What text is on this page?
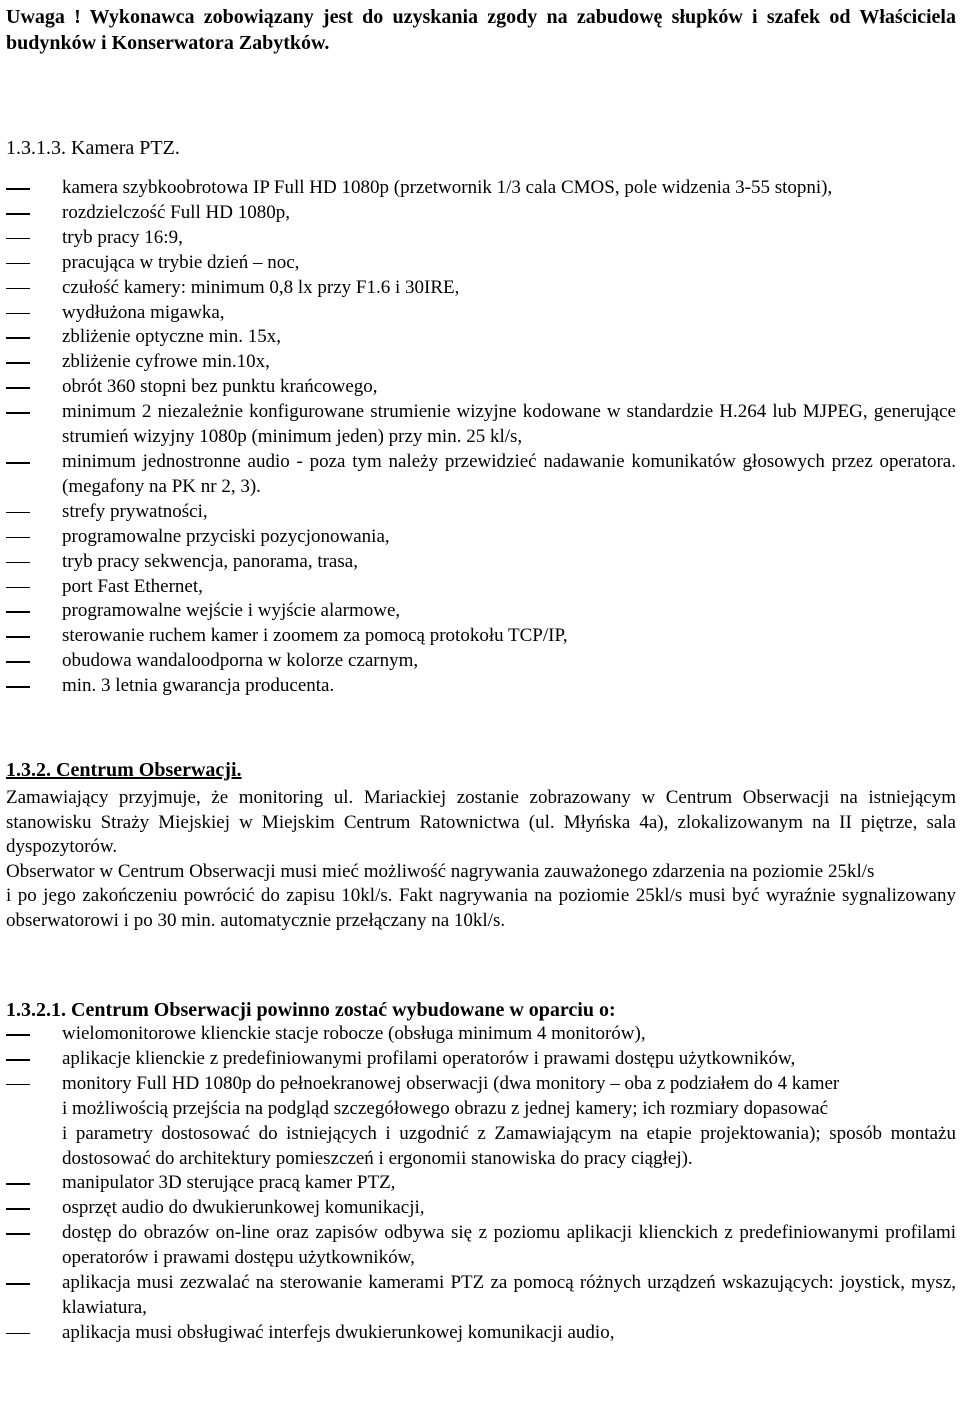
Uwaga ! Wykonawca zobowiązany jest do uzyskania zgody na zabudowę słupków i szafek od Właściciela budynków i Konserwatora Zabytków.
1.3.1.3. Kamera PTZ.
kamera szybkoobrotowa IP Full HD 1080p (przetwornik 1/3 cala CMOS, pole widzenia 3-55 stopni),
rozdzielczość Full HD 1080p,
tryb pracy 16:9,
pracująca w trybie dzień – noc,
czułość kamery: minimum 0,8 lx przy F1.6 i 30IRE,
wydłużona migawka,
zbliżenie optyczne min. 15x,
zbliżenie cyfrowe min.10x,
obrót 360 stopni bez punktu krańcowego,
minimum 2 niezależnie konfigurowane strumienie wizyjne kodowane w standardzie H.264 lub MJPEG, generujące strumień wizyjny 1080p (minimum jeden) przy min. 25 kl/s,
minimum jednostronne audio - poza tym należy przewidzieć nadawanie komunikatów głosowych przez operatora. (megafony na PK nr 2, 3).
strefy prywatności,
programowalne przyciski pozycjonowania,
tryb pracy sekwencja, panorama, trasa,
port Fast Ethernet,
programowalne wejście i wyjście alarmowe,
sterowanie ruchem kamer i zoomem za pomocą protokołu TCP/IP,
obudowa wandaloodporna w kolorze czarnym,
min. 3 letnia gwarancja producenta.
1.3.2. Centrum Obserwacji.

Zamawiający przyjmuje, że monitoring ul. Mariackiej zostanie zobrazowany w Centrum Obserwacji na istniejącym stanowisku Straży Miejskiej w Miejskim Centrum Ratownictwa (ul. Młyńska 4a), zlokalizowanym na II piętrze, sala dyspozytorów.

Obserwator w Centrum Obserwacji musi mieć możliwość nagrywania zauważonego zdarzenia na poziomie 25kl/s

i po jego zakończeniu powrócić do zapisu 10kl/s. Fakt nagrywania na poziomie 25kl/s musi być wyraźnie sygnalizowany obserwatorowi i po 30 min. automatycznie przełączany na 10kl/s.

1.3.2.1. Centrum Obserwacji powinno zostać wybudowane w oparciu o:
wielomonitorowe klienckie stacje robocze (obsługa minimum 4 monitorów),
aplikacje klienckie z predefiniowanymi profilami operatorów i prawami dostępu użytkowników,
monitory Full HD 1080p do pełnoekranowej obserwacji (dwa monitory – oba z podziałem do 4 kamer
i możliwością przejścia na podgląd szczegółowego obrazu z jednej kamery; ich rozmiary dopasować
i parametry dostosować do istniejących i uzgodnić z Zamawiającym na etapie projektowania); sposób montażu dostosować do architektury pomieszczeń i ergonomii stanowiska do pracy ciągłej).
manipulator 3D sterujące pracą kamer PTZ,
osprzęt audio do dwukierunkowej komunikacji,
dostęp do obrazów on-line oraz zapisów odbywa się z poziomu aplikacji klienckich z predefiniowanymi profilami operatorów i prawami dostępu użytkowników,
aplikacja musi zezwalać na sterowanie kamerami PTZ za pomocą różnych urządzeń wskazujących: joystick, mysz, klawiatura,
aplikacja musi obsługiwać interfejs dwukierunkowej komunikacji audio,
